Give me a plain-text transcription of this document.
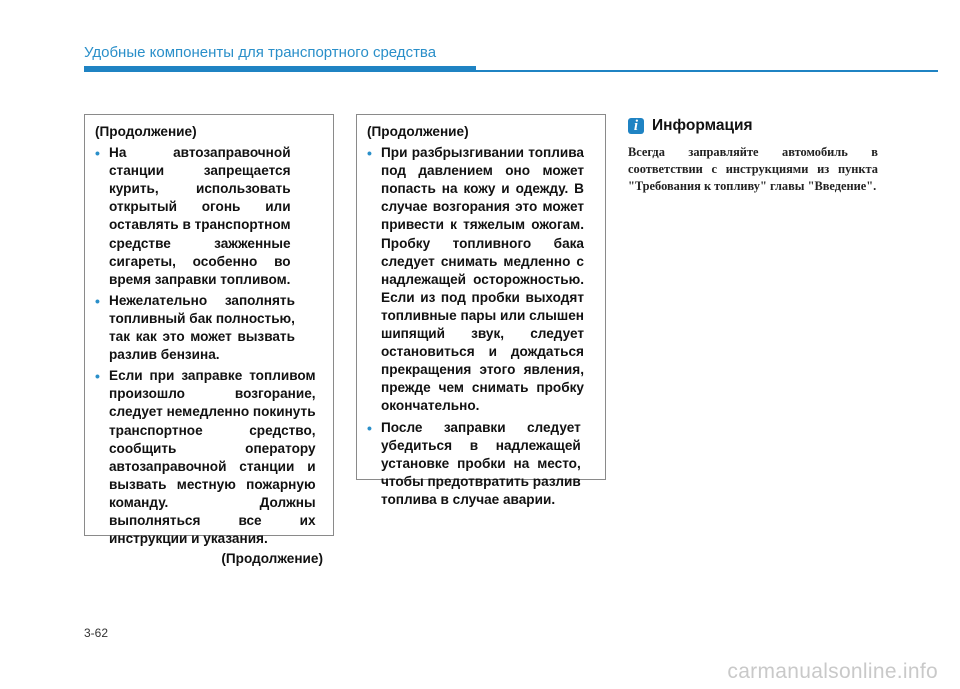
Удобные компоненты для транспортного средства
(Продолжение)
• На автозаправочной
станции запрещается
курить, использовать
открытый огонь или
оставлять в транспортном
средстве зажженные
сигареты, особенно во
время заправки топливом.
• Нежелательно заполнять
топливный бак полностью,
так как это может вызвать
разлив бензина.
• Если при заправке топливом
произошло возгорание,
следует немедленно покинуть
транспортное средство,
сообщить оператору
автозаправочной станции и
вызвать местную пожарную
команду. Должны
выполняться все их
инструкции и указания.
(Продолжение)
(Продолжение)
• При разбрызгивании топлива
под давлением оно может
попасть на кожу и одежду. В
случае возгорания это может
привести к тяжелым ожогам.
Пробку топливного бака
следует снимать медленно с
надлежащей осторожностью.
Если из под пробки выходят
топливные пары или слышен
шипящий звук, следует
остановиться и дождаться
прекращения этого явления,
прежде чем снимать пробку
окончательно.
• После заправки следует
убедиться в надлежащей
установке пробки на место,
чтобы предотвратить разлив
топлива в случае аварии.
i Информация
Всегда заправляйте автомобиль в соответствии с инструкциями из пункта "Требования к топливу" главы "Введение".
3-62
carmanualsonline.info
